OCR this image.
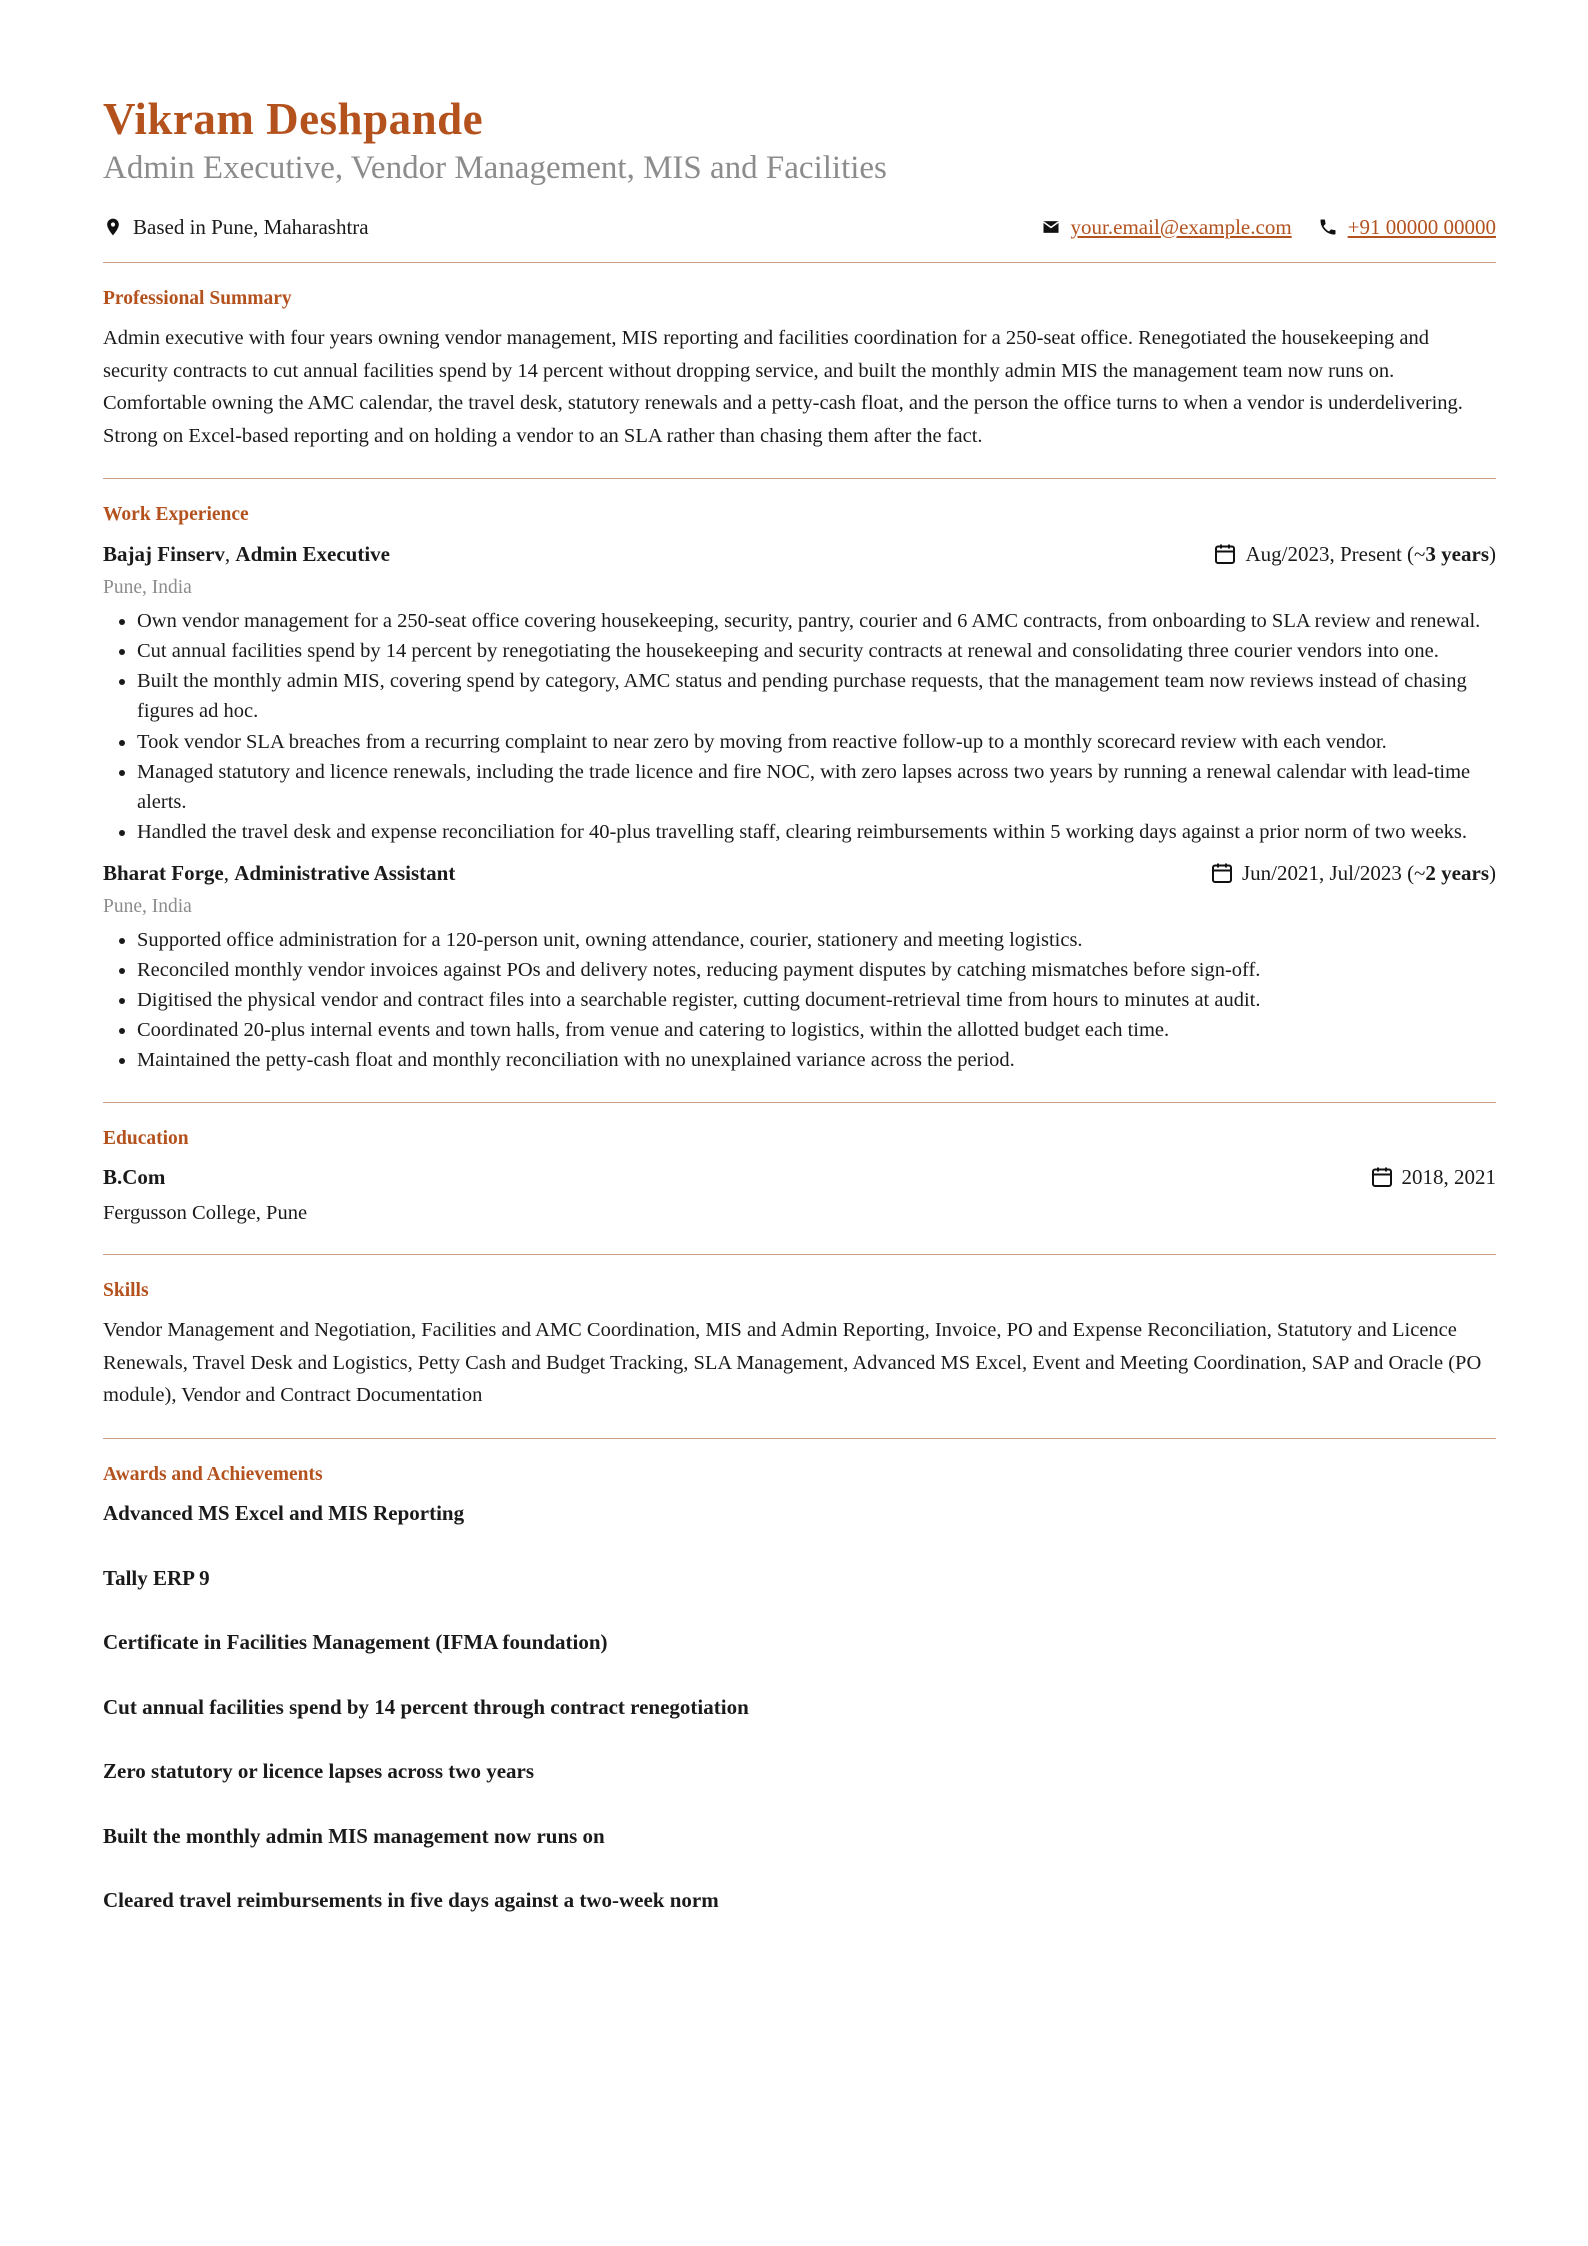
Vikram Deshpande
Admin Executive, Vendor Management, MIS and Facilities
Based in Pune, Maharashtra	your.email@example.com	+91 00000 00000
Professional Summary
Admin executive with four years owning vendor management, MIS reporting and facilities coordination for a 250-seat office. Renegotiated the housekeeping and security contracts to cut annual facilities spend by 14 percent without dropping service, and built the monthly admin MIS the management team now runs on. Comfortable owning the AMC calendar, the travel desk, statutory renewals and a petty-cash float, and the person the office turns to when a vendor is underdelivering. Strong on Excel-based reporting and on holding a vendor to an SLA rather than chasing them after the fact.
Work Experience
Bajaj Finserv, Admin Executive	Aug/2023, Present (~ 3 years )
Pune, India
• Own vendor management for a 250-seat office covering housekeeping, security, pantry, courier and 6 AMC contracts, from onboarding to SLA review and renewal.
• Cut annual facilities spend by 14 percent by renegotiating the housekeeping and security contracts at renewal and consolidating three courier vendors into one.
• Built the monthly admin MIS, covering spend by category, AMC status and pending purchase requests, that the management team now reviews instead of chasing figures ad hoc.
• Took vendor SLA breaches from a recurring complaint to near zero by moving from reactive follow-up to a monthly scorecard review with each vendor.
• Managed statutory and licence renewals, including the trade licence and fire NOC, with zero lapses across two years by running a renewal calendar with lead-time alerts.
• Handled the travel desk and expense reconciliation for 40-plus travelling staff, clearing reimbursements within 5 working days against a prior norm of two weeks.
Bharat Forge, Administrative Assistant	Jun/2021, Jul/2023 (~ 2 years )
Pune, India
• Supported office administration for a 120-person unit, owning attendance, courier, stationery and meeting logistics.
• Reconciled monthly vendor invoices against POs and delivery notes, reducing payment disputes by catching mismatches before sign-off.
• Digitised the physical vendor and contract files into a searchable register, cutting document-retrieval time from hours to minutes at audit.
• Coordinated 20-plus internal events and town halls, from venue and catering to logistics, within the allotted budget each time.
• Maintained the petty-cash float and monthly reconciliation with no unexplained variance across the period.
Education
B.Com	2018, 2021
Fergusson College, Pune
Skills
Vendor Management and Negotiation, Facilities and AMC Coordination, MIS and Admin Reporting, Invoice, PO and Expense Reconciliation, Statutory and Licence Renewals, Travel Desk and Logistics, Petty Cash and Budget Tracking, SLA Management, Advanced MS Excel, Event and Meeting Coordination, SAP and Oracle (PO module), Vendor and Contract Documentation
Awards and Achievements
Advanced MS Excel and MIS Reporting
Tally ERP 9
Certificate in Facilities Management (IFMA foundation)
Cut annual facilities spend by 14 percent through contract renegotiation
Zero statutory or licence lapses across two years
Built the monthly admin MIS management now runs on
Cleared travel reimbursements in five days against a two-week norm
